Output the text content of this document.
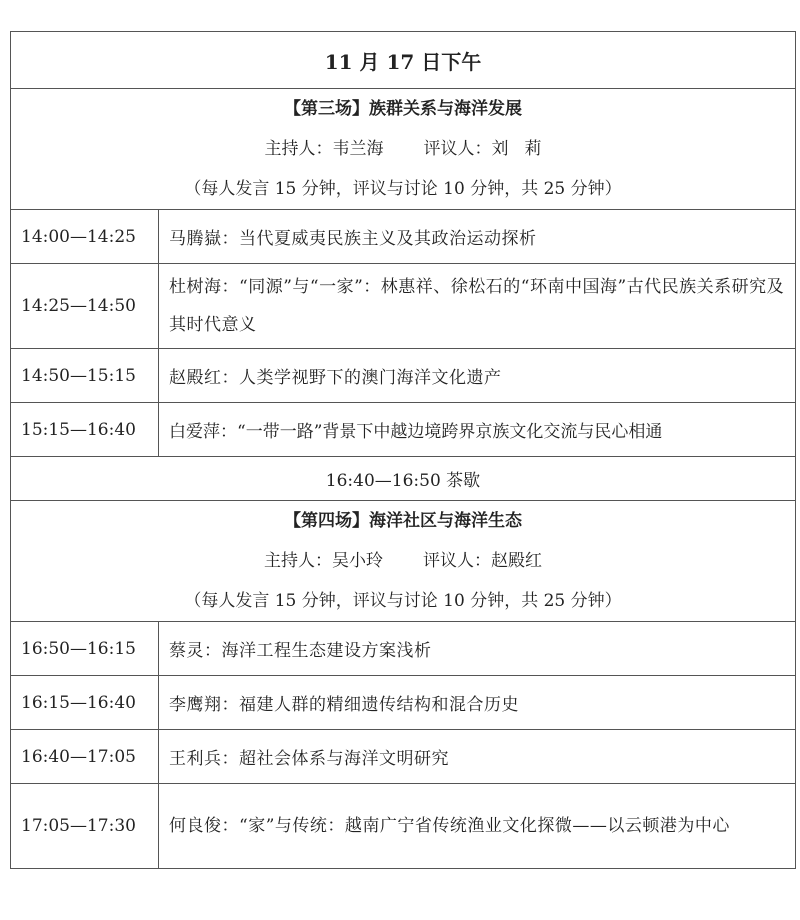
11 月 17 日下午	

【第三场】族群关系与海洋发展
主持人：韦兰海 评议人：刘 莉
（每人发言 15 分钟，评议与讨论 10 分钟，共 25 分钟）	

14:00—14:25	马腾嶽：当代夏威夷民族主义及其政治运动探析
14:25—14:50	杜树海：“同源”与“一家”：林惠祥、徐松石的“环南中国海”古代民族关系研究及其时代意义
14:50—15:15	赵殿红：人类学视野下的澳门海洋文化遗产
15:15—16:40	白爱萍：“一带一路”背景下中越边境跨界京族文化交流与民心相通
16:40—16:50 茶歇	

【第四场】海洋社区与海洋生态
主持人：吴小玲 评议人：赵殿红
（每人发言 15 分钟，评议与讨论 10 分钟，共 25 分钟）	

16:50—16:15	蔡灵：海洋工程生态建设方案浅析
16:15—16:40	李鹰翔：福建人群的精细遗传结构和混合历史
16:40—17:05	王利兵：超社会体系与海洋文明研究
17:05—17:30	何良俊：“家”与传统：越南广宁省传统渔业文化探微——以云顿港为中心
